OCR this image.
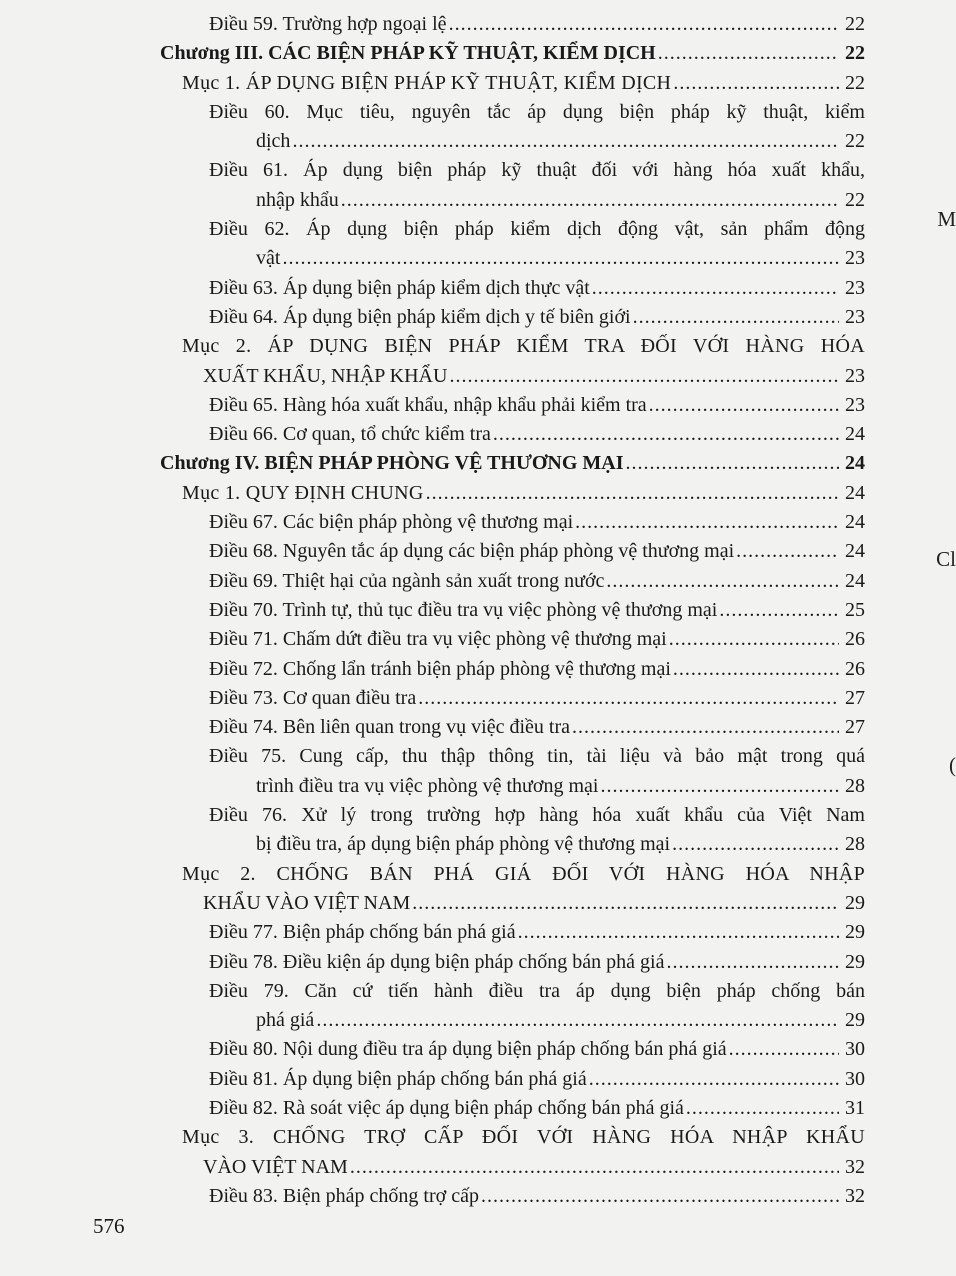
Điều 59. Trường hợp ngoại lệ .....	22
Chương III. CÁC BIỆN PHÁP KỸ THUẬT, KIỂM DỊCH .....	22
Mục 1. ÁP DỤNG BIỆN PHÁP KỸ THUẬT, KIỂM DỊCH .....	22
Điều 60. Mục tiêu, nguyên tắc áp dụng biện pháp kỹ thuật, kiểm
dịch .....	22
Điều 61. Áp dụng biện pháp kỹ thuật đối với hàng hóa xuất khẩu,
nhập khẩu .....	22
Điều 62. Áp dụng biện pháp kiểm dịch động vật, sản phẩm động
vật .....	23
Điều 63. Áp dụng biện pháp kiểm dịch thực vật .....	23
Điều 64. Áp dụng biện pháp kiểm dịch y tế biên giới .....	23
Mục 2. ÁP DỤNG BIỆN PHÁP KIỂM TRA ĐỐI VỚI HÀNG HÓA
XUẤT KHẨU, NHẬP KHẨU .....	23
Điều 65. Hàng hóa xuất khẩu, nhập khẩu phải kiểm tra .....	23
Điều 66. Cơ quan, tổ chức kiểm tra .....	24
Chương IV. BIỆN PHÁP PHÒNG VỆ THƯƠNG MẠI .....	24
Mục 1. QUY ĐỊNH CHUNG .....	24
Điều 67. Các biện pháp phòng vệ thương mại .....	24
Điều 68. Nguyên tắc áp dụng các biện pháp phòng vệ thương mại .....	24
Điều 69. Thiệt hại của ngành sản xuất trong nước .....	24
Điều 70. Trình tự, thủ tục điều tra vụ việc phòng vệ thương mại .....	25
Điều 71. Chấm dứt điều tra vụ việc phòng vệ thương mại .....	26
Điều 72. Chống lẩn tránh biện pháp phòng vệ thương mại .....	26
Điều 73. Cơ quan điều tra .....	27
Điều 74. Bên liên quan trong vụ việc điều tra .....	27
Điều 75. Cung cấp, thu thập thông tin, tài liệu và bảo mật trong quá
trình điều tra vụ việc phòng vệ thương mại .....	28
Điều 76. Xử lý trong trường hợp hàng hóa xuất khẩu của Việt Nam
bị điều tra, áp dụng biện pháp phòng vệ thương mại .....	28
Mục 2. CHỐNG BÁN PHÁ GIÁ ĐỐI VỚI HÀNG HÓA NHẬP
KHẨU VÀO VIỆT NAM .....	29
Điều 77. Biện pháp chống bán phá giá .....	29
Điều 78. Điều kiện áp dụng biện pháp chống bán phá giá .....	29
Điều 79. Căn cứ tiến hành điều tra áp dụng biện pháp chống bán
phá giá .....	29
Điều 80. Nội dung điều tra áp dụng biện pháp chống bán phá giá .....	30
Điều 81. Áp dụng biện pháp chống bán phá giá .....	30
Điều 82. Rà soát việc áp dụng biện pháp chống bán phá giá .....	31
Mục 3. CHỐNG TRỢ CẤP ĐỐI VỚI HÀNG HÓA NHẬP KHẨU
VÀO VIỆT NAM .....	32
Điều 83. Biện pháp chống trợ cấp .....	32
576
M
Cl
(
